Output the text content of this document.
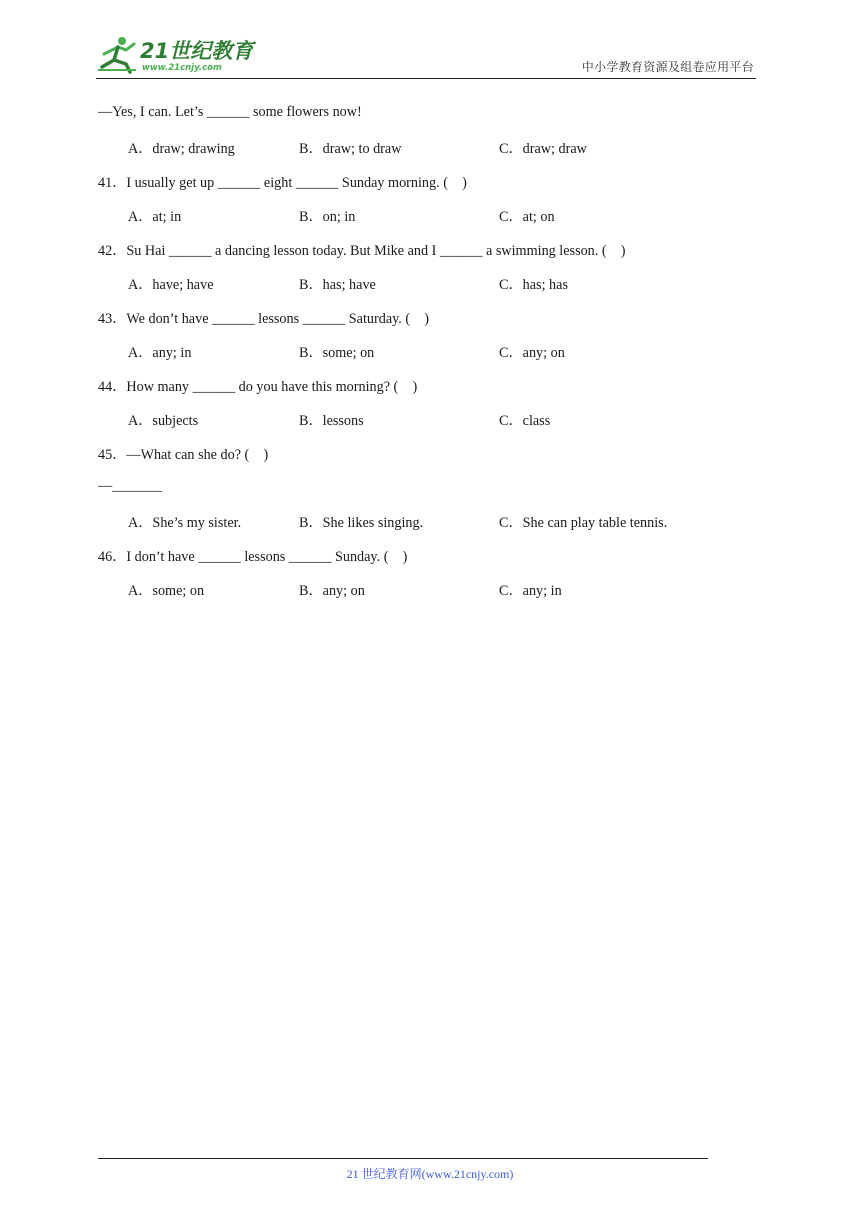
21世纪教育
www.21cnjy.com	中小学教育资源及组卷应用平台
—Yes, I can. Let’s ______ some flowers now!
A．draw; drawing	B．draw; to draw	C．draw; draw
41．I usually get up ______ eight ______ Sunday morning. (　)
A．at; in	B．on; in	C．at; on
42．Su Hai ______ a dancing lesson today. But Mike and I ______ a swimming lesson. (　)
A．have; have	B．has; have	C．has; has
43．We don’t have ______ lessons ______ Saturday. (　)
A．any; in	B．some; on	C．any; on
44．How many ______ do you have this morning? (　)
A．subjects	B．lessons	C．class
45．—What can she do? (　)
—_______
A．She’s my sister.	B．She likes singing.	C．She can play table tennis.
46．I don’t have ______ lessons ______ Sunday. (　)
A．some; on	B．any; on	C．any; in
21 世纪教育网(www.21cnjy.com)
